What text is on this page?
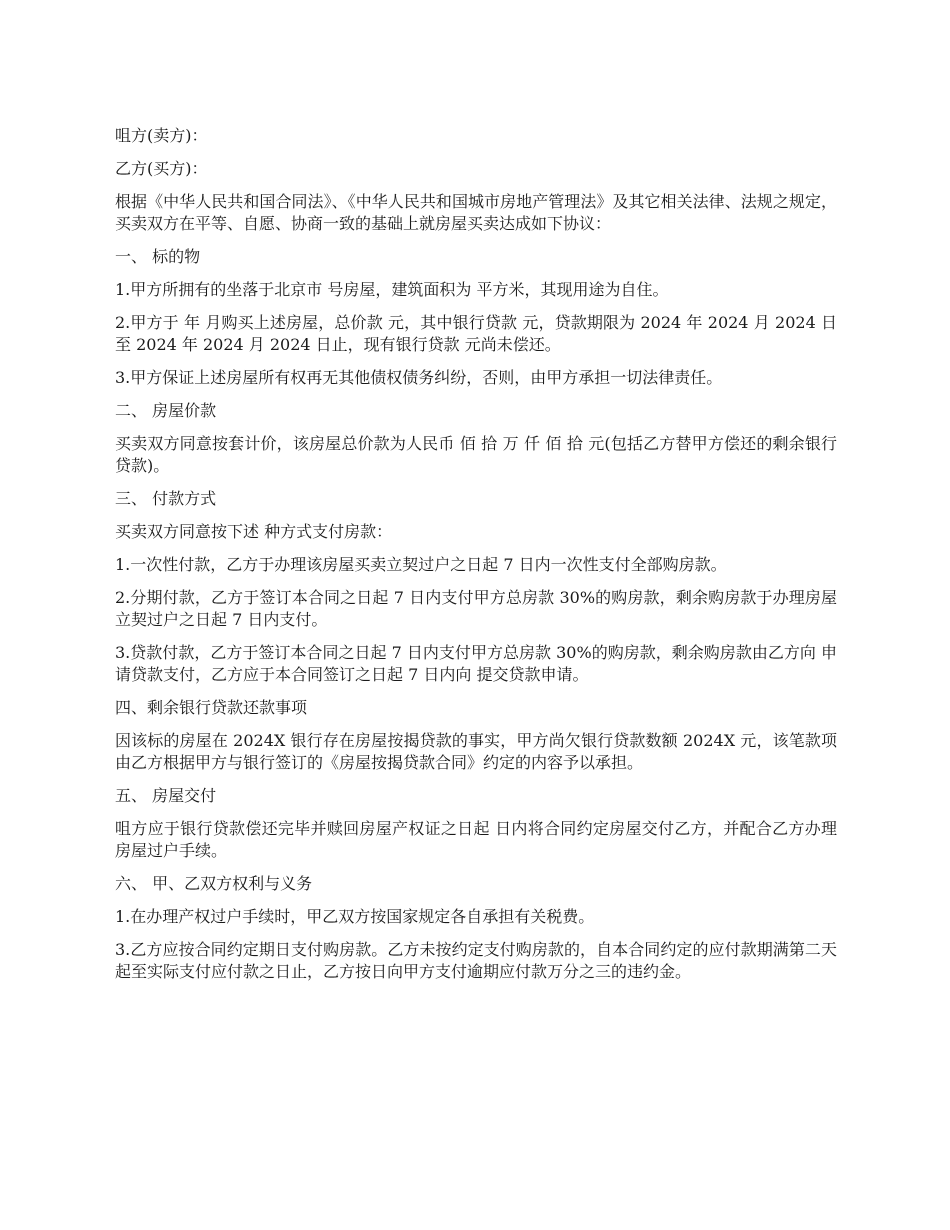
咀方(卖方)：

乙方(买方)：

根据《中华人民共和国合同法》、《中华人民共和国城市房地产管理法》及其它相关法律、法规之规定，买卖双方在平等、自愿、协商一致的基础上就房屋买卖达成如下协议：

一、 标的物

1.甲方所拥有的坐落于北京市 号房屋，建筑面积为 平方米，其现用途为自住。

2.甲方于 年 月购买上述房屋，总价款 元，其中银行贷款 元，贷款期限为 2024 年 2024 月 2024 日至 2024 年 2024 月 2024 日止，现有银行贷款 元尚未偿还。

3.甲方保证上述房屋所有权再无其他债权债务纠纷，否则，由甲方承担一切法律责任。

二、 房屋价款

买卖双方同意按套计价，该房屋总价款为人民币 佰 拾 万 仟 佰 拾 元(包括乙方替甲方偿还的剩余银行贷款)。

三、 付款方式

买卖双方同意按下述 种方式支付房款：

1.一次性付款，乙方于办理该房屋买卖立契过户之日起 7 日内一次性支付全部购房款。

2.分期付款，乙方于签订本合同之日起 7 日内支付甲方总房款 30%的购房款，剩余购房款于办理房屋立契过户之日起 7 日内支付。

3.贷款付款，乙方于签订本合同之日起 7 日内支付甲方总房款 30%的购房款，剩余购房款由乙方向 申请贷款支付，乙方应于本合同签订之日起 7 日内向 提交贷款申请。

四、剩余银行贷款还款事项

因该标的房屋在 2024X 银行存在房屋按揭贷款的事实，甲方尚欠银行贷款数额 2024X 元，该笔款项由乙方根据甲方与银行签订的《房屋按揭贷款合同》约定的内容予以承担。

五、 房屋交付

咀方应于银行贷款偿还完毕并赎回房屋产权证之日起 日内将合同约定房屋交付乙方，并配合乙方办理房屋过户手续。

六、 甲、乙双方权利与义务

1.在办理产权过户手续时，甲乙双方按国家规定各自承担有关税费。

3.乙方应按合同约定期日支付购房款。乙方未按约定支付购房款的，自本合同约定的应付款期满第二天起至实际支付应付款之日止，乙方按日向甲方支付逾期应付款万分之三的违约金。
